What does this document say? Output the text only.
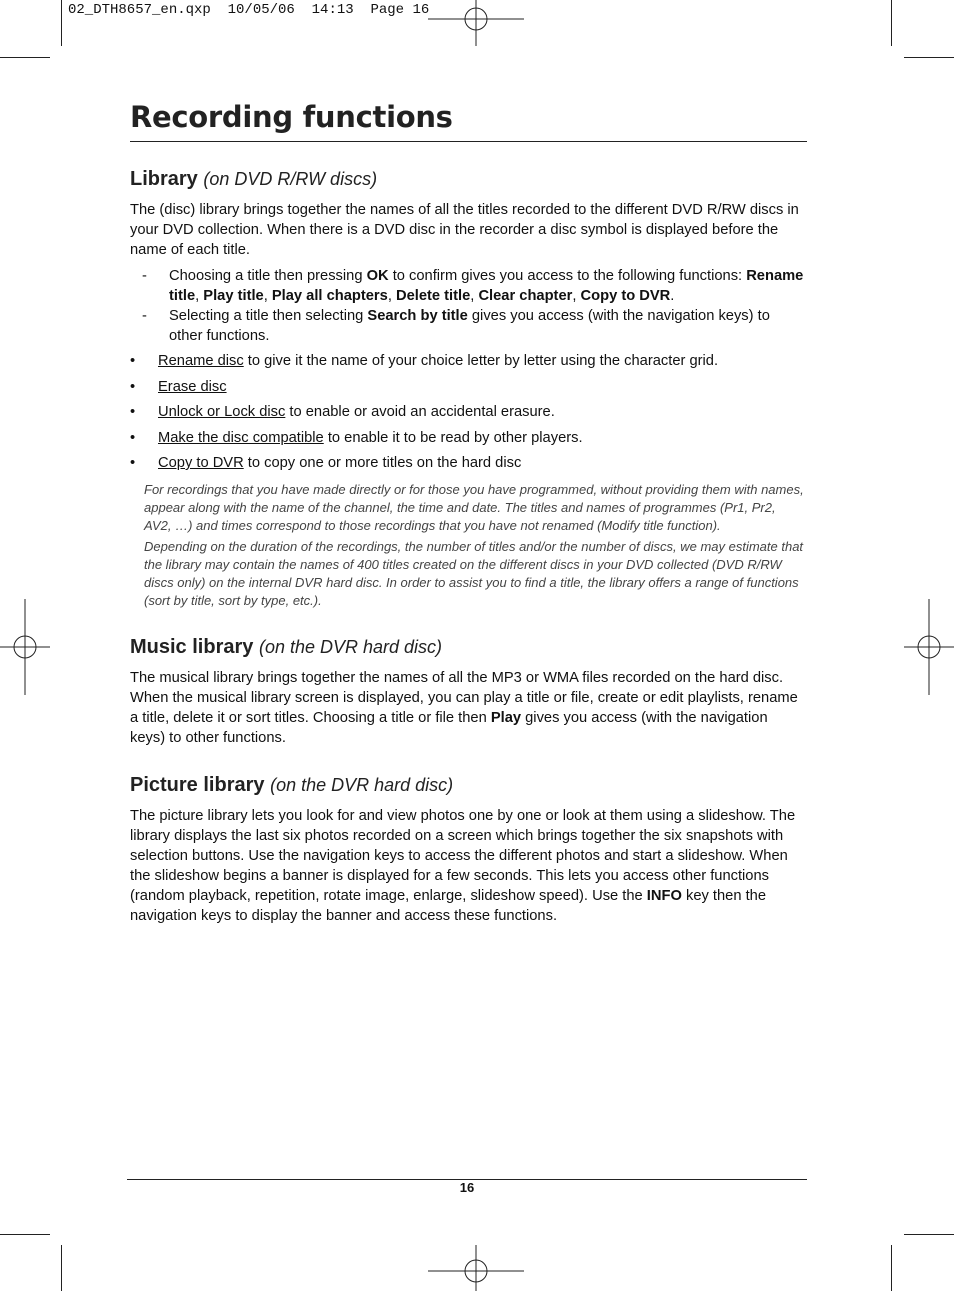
02_DTH8657_en.qxp  10/05/06  14:13  Page 16
Recording functions
Library (on DVD R/RW discs)

The (disc) library brings together the names of all the titles recorded to the different DVD R/RW discs in your DVD collection. When there is a DVD disc in the recorder a disc symbol is displayed before the name of each title.

- Choosing a title then pressing OK to confirm gives you access to the following functions: Rename title, Play title, Play all chapters, Delete title, Clear chapter, Copy to DVR.
- Selecting a title then selecting Search by title gives you access (with the navigation keys) to other functions.
• Rename disc to give it the name of your choice letter by letter using the character grid.
• Erase disc
• Unlock or Lock disc to enable or avoid an accidental erasure.
• Make the disc compatible to enable it to be read by other players.
• Copy to DVR to copy one or more titles on the hard disc

For recordings that you have made directly or for those you have programmed, without providing them with names, appear along with the name of the channel, the time and date. The titles and names of programmes (Pr1, Pr2, AV2, …) and times correspond to those recordings that you have not renamed (Modify title function).

Depending on the duration of the recordings, the number of titles and/or the number of discs, we may estimate that the library may contain the names of 400 titles created on the different discs in your DVD collected (DVD R/RW discs only) on the internal DVR hard disc. In order to assist you to find a title, the library offers a range of functions (sort by title, sort by type, etc.).

Music library (on the DVR hard disc)

The musical library brings together the names of all the MP3 or WMA files recorded on the hard disc. When the musical library screen is displayed, you can play a title or file, create or edit playlists, rename a title, delete it or sort titles. Choosing a title or file then Play gives you access (with the navigation keys) to other functions.

Picture library (on the DVR hard disc)

The picture library lets you look for and view photos one by one or look at them using a slideshow. The library displays the last six photos recorded on a screen which brings together the six snapshots with selection buttons. Use the navigation keys to access the different photos and start a slideshow. When the slideshow begins a banner is displayed for a few seconds. This lets you access other functions (random playback, repetition, rotate image, enlarge, slideshow speed). Use the INFO key then the navigation keys to display the banner and access these functions.

16
